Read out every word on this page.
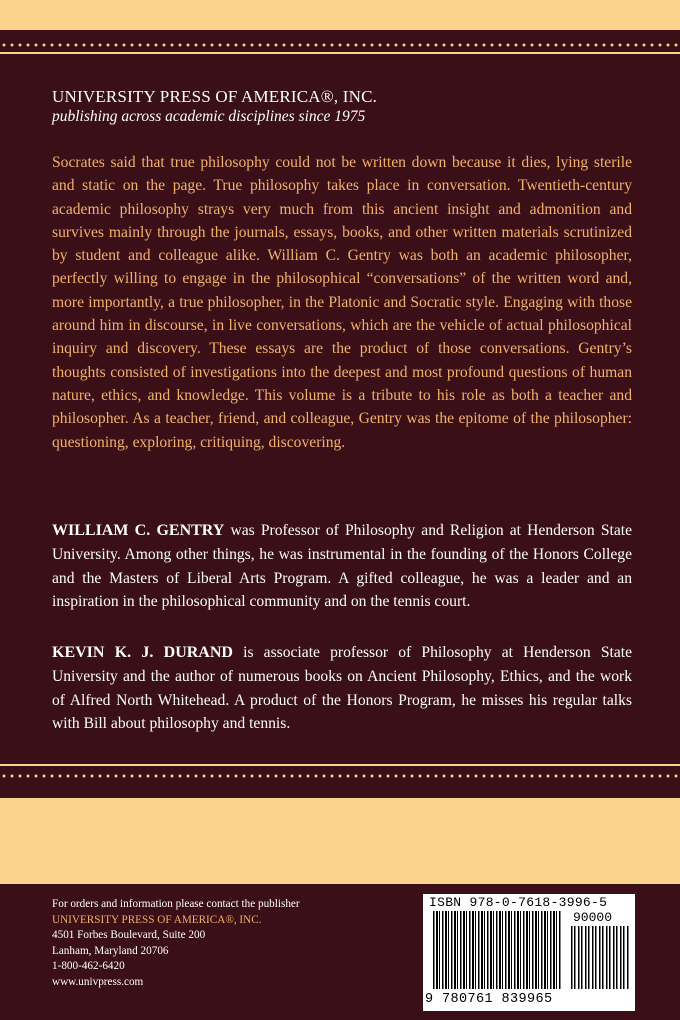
UNIVERSITY PRESS OF AMERICA®, INC.
publishing across academic disciplines since 1975

Socrates said that true philosophy could not be written down because it dies, lying sterile and static on the page. True philosophy takes place in conversation. Twentieth-century academic philosophy strays very much from this ancient insight and admonition and survives mainly through the journals, essays, books, and other written materials scrutinized by student and colleague alike. William C. Gentry was both an academic philosopher, perfectly willing to engage in the philosophical “conversations” of the written word and, more importantly, a true philosopher, in the Platonic and Socratic style. Engaging with those around him in discourse, in live conversations, which are the vehicle of actual philosophical inquiry and discovery. These essays are the product of those conversations. Gentry’s thoughts consisted of investigations into the deepest and most profound questions of human nature, ethics, and knowledge. This volume is a tribute to his role as both a teacher and philosopher. As a teacher, friend, and colleague, Gentry was the epitome of the philosopher: questioning, exploring, critiquing, discovering.

WILLIAM C. GENTRY was Professor of Philosophy and Religion at Henderson State University. Among other things, he was instrumental in the founding of the Honors College and the Masters of Liberal Arts Program. A gifted colleague, he was a leader and an inspiration in the philosophical community and on the tennis court.

KEVIN K. J. DURAND is associate professor of Philosophy at Henderson State University and the author of numerous books on Ancient Philosophy, Ethics, and the work of Alfred North Whitehead. A product of the Honors Program, he misses his regular talks with Bill about philosophy and tennis.

For orders and information please contact the publisher
UNIVERSITY PRESS OF AMERICA®, INC.
4501 Forbes Boulevard, Suite 200
Lanham, Maryland 20706
1-800-462-6420
www.univpress.com
ISBN 978-0-7618-3996-5
90000
9 780761 839965
